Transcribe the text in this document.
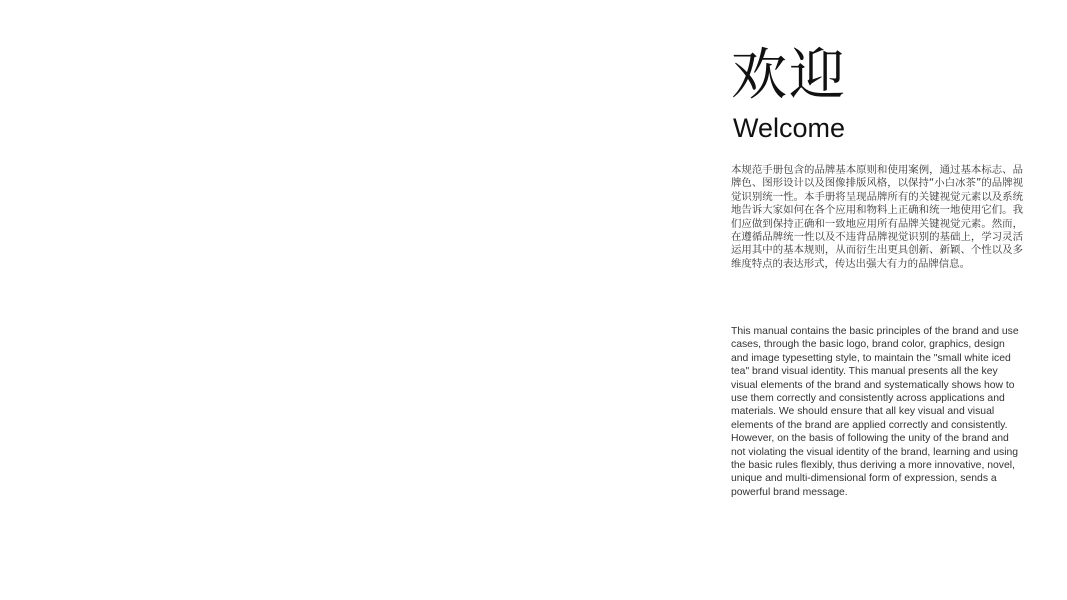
欢迎
Welcome

本规范手册包含的品牌基本原则和使用案例，通过基本标志、品牌色、图形设计以及图像排版风格，以保持“小白冰茶”的品牌视觉识别统一性。本手册将呈现品牌所有的关键视觉元素以及系统地告诉大家如何在各个应用和物料上正确和统一地使用它们。我们应做到保持正确和一致地应用所有品牌关键视觉元素。然而，在遵循品牌统一性以及不违背品牌视觉识别的基础上，学习灵活运用其中的基本规则，从而衍生出更具创新、新颖、个性以及多维度特点的表达形式，传达出强大有力的品牌信息。

This manual contains the basic principles of the brand and use cases, through the basic logo, brand color, graphics, design and image typesetting style, to maintain the "small white iced tea" brand visual identity. This manual presents all the key visual elements of the brand and systematically shows how to use them correctly and consistently across applications and materials. We should ensure that all key visual and visual elements of the brand are applied correctly and consistently. However, on the basis of following the unity of the brand and not violating the visual identity of the brand, learning and using the basic rules flexibly, thus deriving a more innovative, novel, unique and multi-dimensional form of expression, sends a powerful brand message.
